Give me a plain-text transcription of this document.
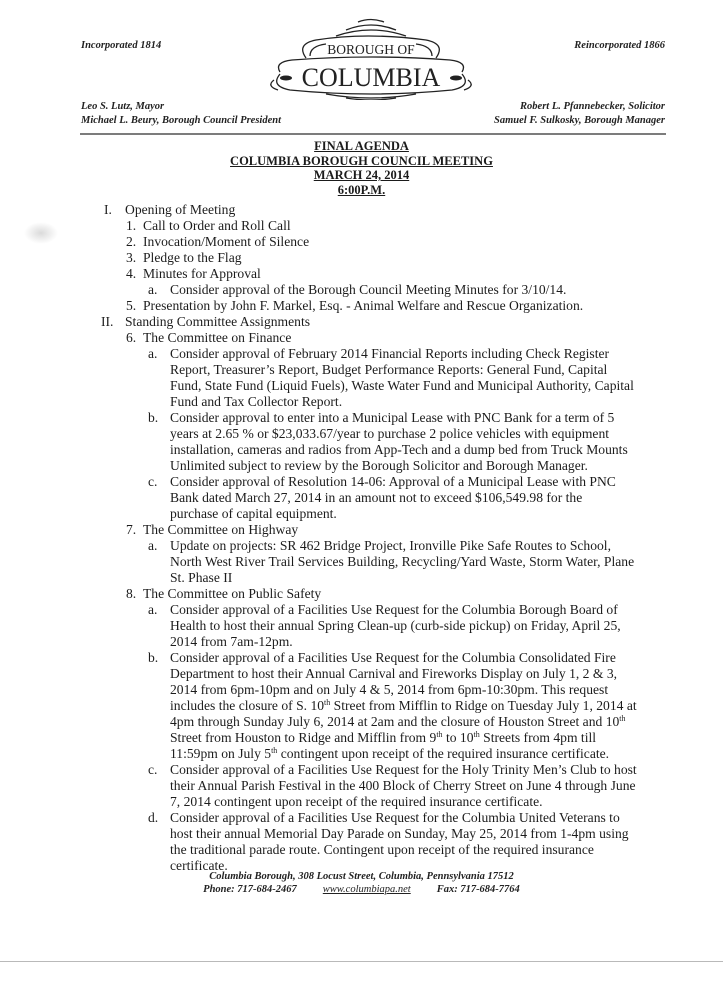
Incorporated 1814	Reincorporated 1866
BOROUGH OF
COLUMBIA
Leo S. Lutz, Mayor
Michael L. Beury, Borough Council President
Robert L. Pfannebecker, Solicitor
Samuel F. Sulkosky, Borough Manager
FINAL AGENDA
COLUMBIA BOROUGH COUNCIL MEETING
MARCH 24, 2014
6:00P.M.
I. Opening of Meeting
1. Call to Order and Roll Call
2. Invocation/Moment of Silence
3. Pledge to the Flag
4. Minutes for Approval
a. Consider approval of the Borough Council Meeting Minutes for 3/10/14.
5. Presentation by John F. Markel, Esq. - Animal Welfare and Rescue Organization.
II. Standing Committee Assignments
6. The Committee on Finance
a. Consider approval of February 2014 Financial Reports including Check Register
Report, Treasurer’s Report, Budget Performance Reports: General Fund, Capital
Fund, State Fund (Liquid Fuels), Waste Water Fund and Municipal Authority, Capital
Fund and Tax Collector Report.
b. Consider approval to enter into a Municipal Lease with PNC Bank for a term of 5
years at 2.65 % or $23,033.67/year to purchase 2 police vehicles with equipment
installation, cameras and radios from App-Tech and a dump bed from Truck Mounts
Unlimited subject to review by the Borough Solicitor and Borough Manager.
c. Consider approval of Resolution 14-06: Approval of a Municipal Lease with PNC
Bank dated March 27, 2014 in an amount not to exceed $106,549.98 for the
purchase of capital equipment.
7. The Committee on Highway
a. Update on projects: SR 462 Bridge Project, Ironville Pike Safe Routes to School,
North West River Trail Services Building, Recycling/Yard Waste, Storm Water, Plane
St. Phase II
8. The Committee on Public Safety
a. Consider approval of a Facilities Use Request for the Columbia Borough Board of
Health to host their annual Spring Clean-up (curb-side pickup) on Friday, April 25,
2014 from 7am-12pm.
b. Consider approval of a Facilities Use Request for the Columbia Consolidated Fire
Department to host their Annual Carnival and Fireworks Display on July 1, 2 & 3,
2014 from 6pm-10pm and on July 4 & 5, 2014 from 6pm-10:30pm. This request
includes the closure of S. 10th Street from Mifflin to Ridge on Tuesday July 1, 2014 at
4pm through Sunday July 6, 2014 at 2am and the closure of Houston Street and 10th
Street from Houston to Ridge and Mifflin from 9th to 10th Streets from 4pm till
11:59pm on July 5th contingent upon receipt of the required insurance certificate.
c. Consider approval of a Facilities Use Request for the Holy Trinity Men’s Club to host
their Annual Parish Festival in the 400 Block of Cherry Street on June 4 through June
7, 2014 contingent upon receipt of the required insurance certificate.
d. Consider approval of a Facilities Use Request for the Columbia United Veterans to
host their annual Memorial Day Parade on Sunday, May 25, 2014 from 1-4pm using
the traditional parade route. Contingent upon receipt of the required insurance
certificate.
Columbia Borough, 308 Locust Street, Columbia, Pennsylvania 17512
Phone: 717-684-2467 www.columbiapa.net Fax: 717-684-7764
